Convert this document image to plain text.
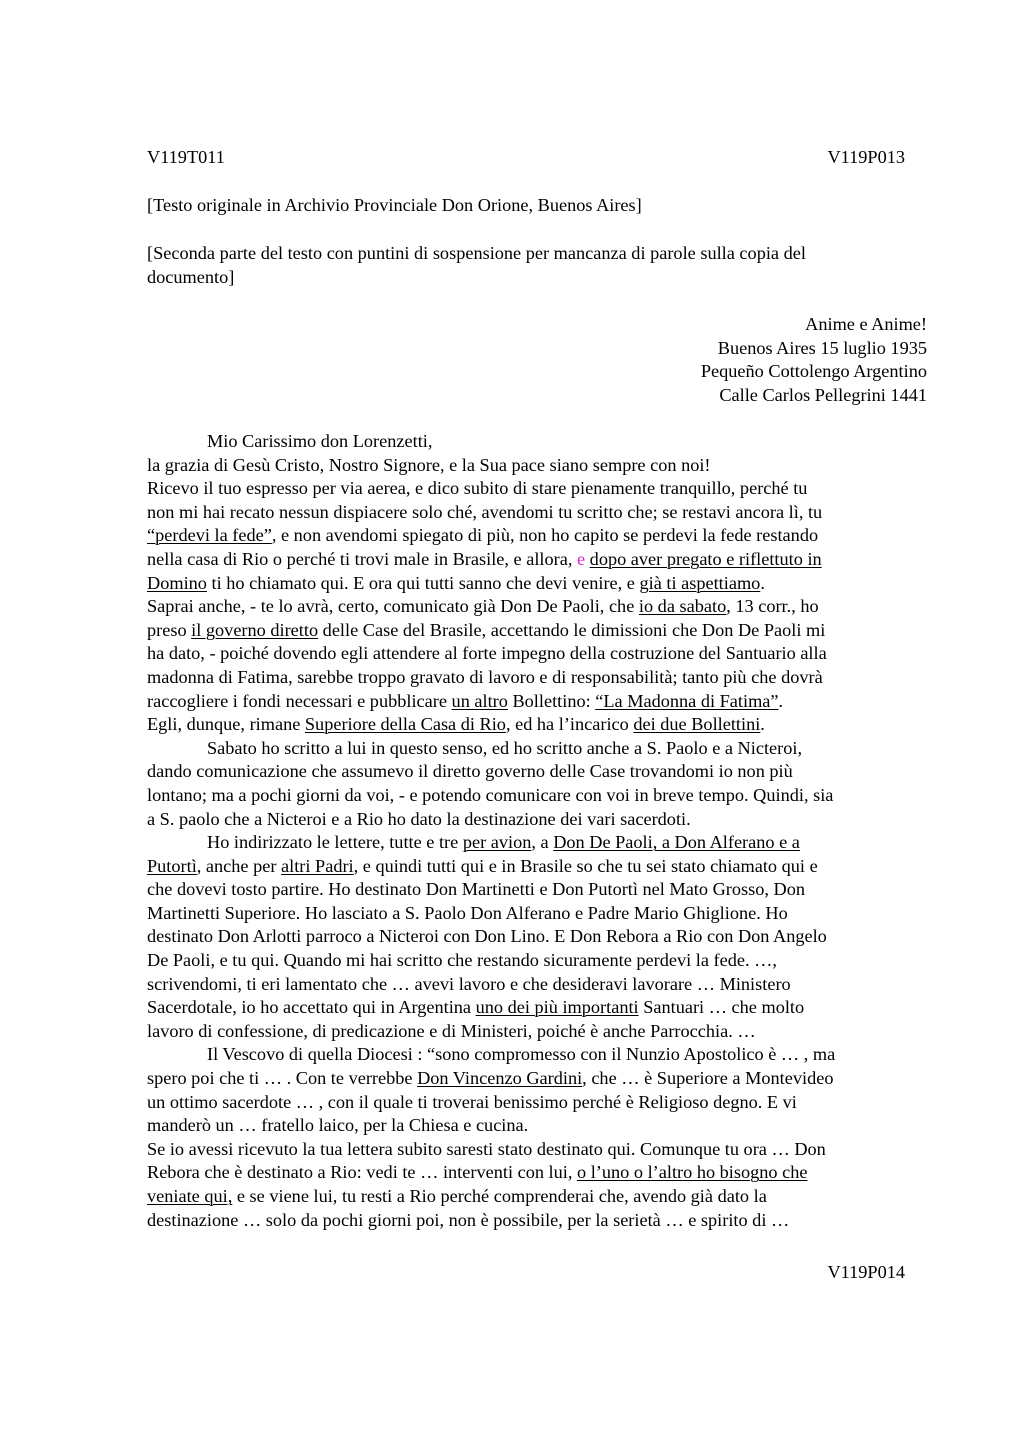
V119T011	V119P013
[Testo originale in Archivio Provinciale Don Orione, Buenos Aires]
[Seconda parte del testo con puntini di sospensione per mancanza di parole sulla copia del
documento]
Anime e Anime!
Buenos Aires 15 luglio 1935
Pequeño Cottolengo Argentino
Calle Carlos Pellegrini 1441
Mio Carissimo don Lorenzetti,
la grazia di Gesù Cristo, Nostro Signore, e la Sua pace siano sempre con noi!
Ricevo il tuo espresso per via aerea, e dico subito di stare pienamente tranquillo, perché tu
non mi hai recato nessun dispiacere solo ché, avendomi tu scritto che; se restavi ancora lì, tu
“perdevi la fede”, e non avendomi spiegato di più, non ho capito se perdevi la fede restando
nella casa di Rio o perché ti trovi male in Brasile, e allora, e dopo aver pregato e riflettuto in
Domino ti ho chiamato qui. E ora qui tutti sanno che devi venire, e già ti aspettiamo.
Saprai anche, - te lo avrà, certo, comunicato già Don De Paoli, che io da sabato, 13 corr., ho
preso il governo diretto delle Case del Brasile, accettando le dimissioni che Don De Paoli mi
ha dato, - poiché dovendo egli attendere al forte impegno della costruzione del Santuario alla
madonna di Fatima, sarebbe troppo gravato di lavoro e di responsabilità; tanto più che dovrà
raccogliere i fondi necessari e pubblicare un altro Bollettino: “La Madonna di Fatima”.
Egli, dunque, rimane Superiore della Casa di Rio, ed ha l’incarico dei due Bollettini.
Sabato ho scritto a lui in questo senso, ed ho scritto anche a S. Paolo e a Nicteroi,
dando comunicazione che assumevo il diretto governo delle Case trovandomi io non più
lontano; ma a pochi giorni da voi, - e potendo comunicare con voi in breve tempo. Quindi, sia
a S. paolo che a Nicteroi e a Rio ho dato la destinazione dei vari sacerdoti.
Ho indirizzato le lettere, tutte e tre per avion, a Don De Paoli, a Don Alferano e a
Putortì, anche per altri Padri, e quindi tutti qui e in Brasile so che tu sei stato chiamato qui e
che dovevi tosto partire. Ho destinato Don Martinetti e Don Putortì nel Mato Grosso, Don
Martinetti Superiore. Ho lasciato a S. Paolo Don Alferano e Padre Mario Ghiglione. Ho
destinato Don Arlotti parroco a Nicteroi con Don Lino. E Don Rebora a Rio con Don Angelo
De Paoli, e tu qui. Quando mi hai scritto che restando sicuramente perdevi la fede. …,
scrivendomi, ti eri lamentato che … avevi lavoro e che desideravi lavorare … Ministero
Sacerdotale, io ho accettato qui in Argentina uno dei più importanti Santuari … che molto
lavoro di confessione, di predicazione e di Ministeri, poiché è anche Parrocchia. …
Il Vescovo di quella Diocesi : “sono compromesso con il Nunzio Apostolico è … , ma
spero poi che ti … . Con te verrebbe Don Vincenzo Gardini, che … è Superiore a Montevideo
un ottimo sacerdote … , con il quale ti troverai benissimo perché è Religioso degno. E vi
manderò un … fratello laico, per la Chiesa e cucina.
Se io avessi ricevuto la tua lettera subito saresti stato destinato qui. Comunque tu ora … Don
Rebora che è destinato a Rio: vedi te … interventi con lui, o l’uno o l’altro ho bisogno che
veniate qui, e se viene lui, tu resti a Rio perché comprenderai che, avendo già dato la
destinazione … solo da pochi giorni poi, non è possibile, per la serietà … e spirito di …
V119P014
